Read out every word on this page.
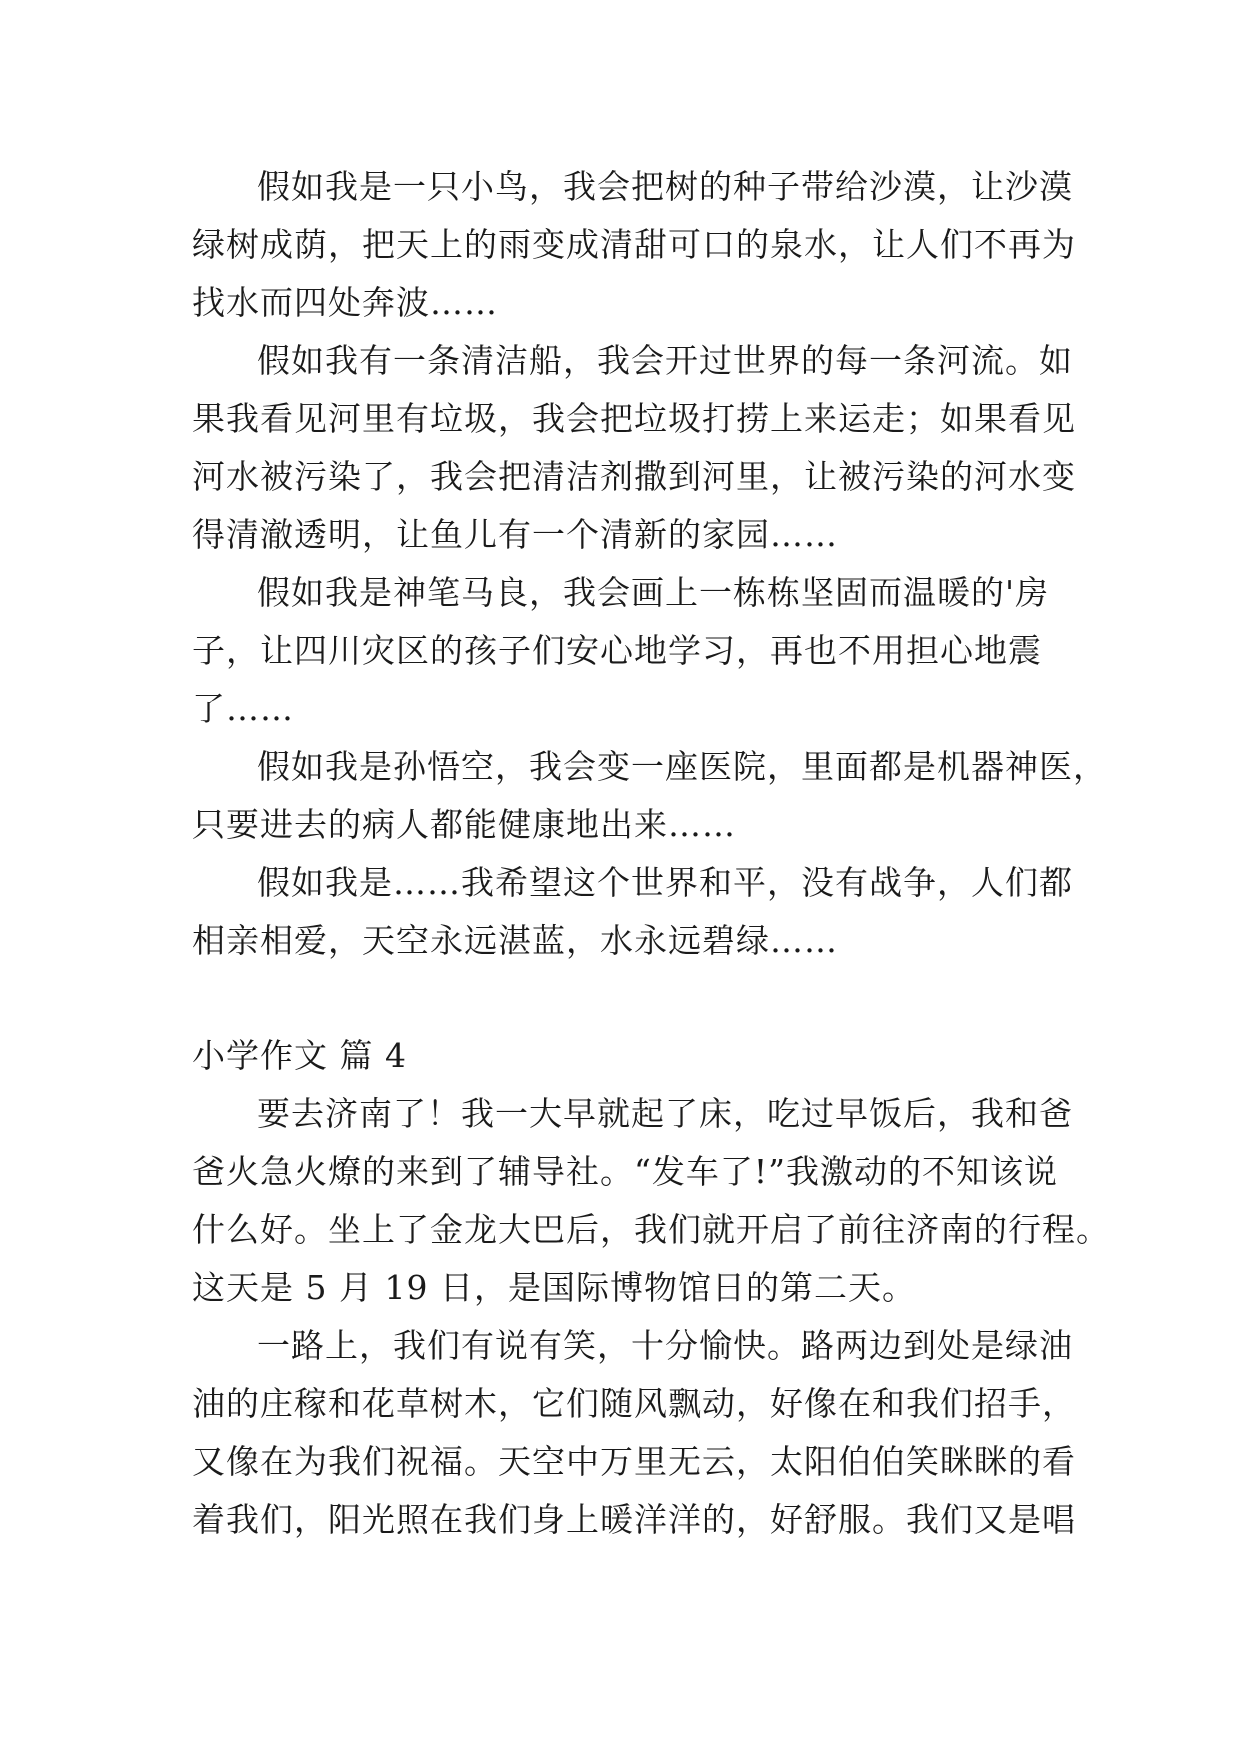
假如我是一只小鸟，我会把树的种子带给沙漠，让沙漠
绿树成荫，把天上的雨变成清甜可口的泉水，让人们不再为
找水而四处奔波……
假如我有一条清洁船，我会开过世界的每一条河流。如
果我看见河里有垃圾，我会把垃圾打捞上来运走；如果看见
河水被污染了，我会把清洁剂撒到河里，让被污染的河水变
得清澈透明，让鱼儿有一个清新的家园……
假如我是神笔马良，我会画上一栋栋坚固而温暖的'房
子，让四川灾区的孩子们安心地学习，再也不用担心地震
了……
假如我是孙悟空，我会变一座医院，里面都是机器神医，
只要进去的病人都能健康地出来……
假如我是……我希望这个世界和平，没有战争，人们都
相亲相爱，天空永远湛蓝，水永远碧绿……
小学作文 篇 4
要去济南了！我一大早就起了床，吃过早饭后，我和爸
爸火急火燎的来到了辅导社。“发车了!”我激动的不知该说
什么好。坐上了金龙大巴后，我们就开启了前往济南的行程。
这天是 5 月 19 日，是国际博物馆日的第二天。
一路上，我们有说有笑，十分愉快。路两边到处是绿油
油的庄稼和花草树木，它们随风飘动，好像在和我们招手，
又像在为我们祝福。天空中万里无云，太阳伯伯笑眯眯的看
着我们，阳光照在我们身上暖洋洋的，好舒服。我们又是唱
